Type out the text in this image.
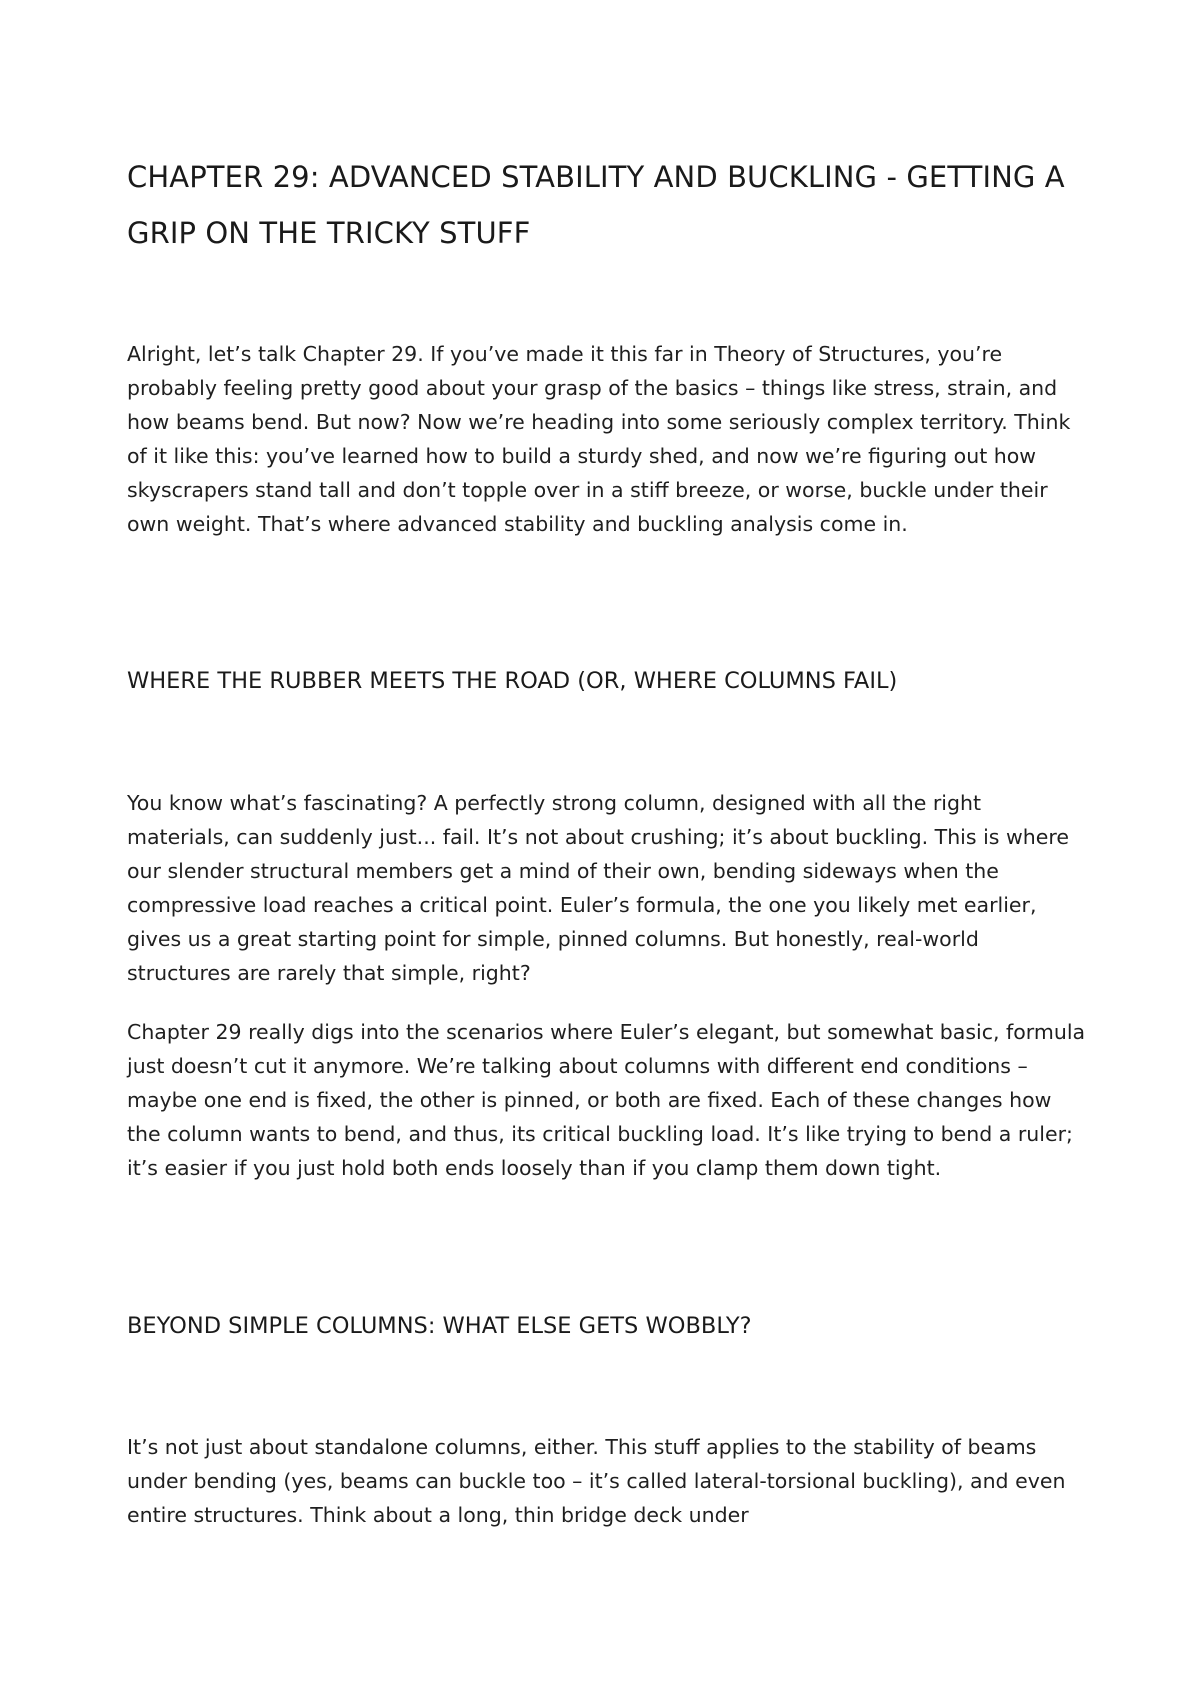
CHAPTER 29: ADVANCED STABILITY AND BUCKLING - GETTING A GRIP ON THE TRICKY STUFF

Alright, let’s talk Chapter 29. If you’ve made it this far in Theory of Structures, you’re probably feeling pretty good about your grasp of the basics – things like stress, strain, and how beams bend. But now? Now we’re heading into some seriously complex territory. Think of it like this: you’ve learned how to build a sturdy shed, and now we’re figuring out how skyscrapers stand tall and don’t topple over in a stiff breeze, or worse, buckle under their own weight. That’s where advanced stability and buckling analysis come in.

WHERE THE RUBBER MEETS THE ROAD (OR, WHERE COLUMNS FAIL)

You know what’s fascinating? A perfectly strong column, designed with all the right materials, can suddenly just... fail. It’s not about crushing; it’s about buckling. This is where our slender structural members get a mind of their own, bending sideways when the compressive load reaches a critical point. Euler’s formula, the one you likely met earlier, gives us a great starting point for simple, pinned columns. But honestly, real-world structures are rarely that simple, right?

Chapter 29 really digs into the scenarios where Euler’s elegant, but somewhat basic, formula just doesn’t cut it anymore. We’re talking about columns with different end conditions – maybe one end is fixed, the other is pinned, or both are fixed. Each of these changes how the column wants to bend, and thus, its critical buckling load. It’s like trying to bend a ruler; it’s easier if you just hold both ends loosely than if you clamp them down tight.

BEYOND SIMPLE COLUMNS: WHAT ELSE GETS WOBBLY?

It’s not just about standalone columns, either. This stuff applies to the stability of beams under bending (yes, beams can buckle too – it’s called lateral-torsional buckling), and even entire structures. Think about a long, thin bridge deck under
